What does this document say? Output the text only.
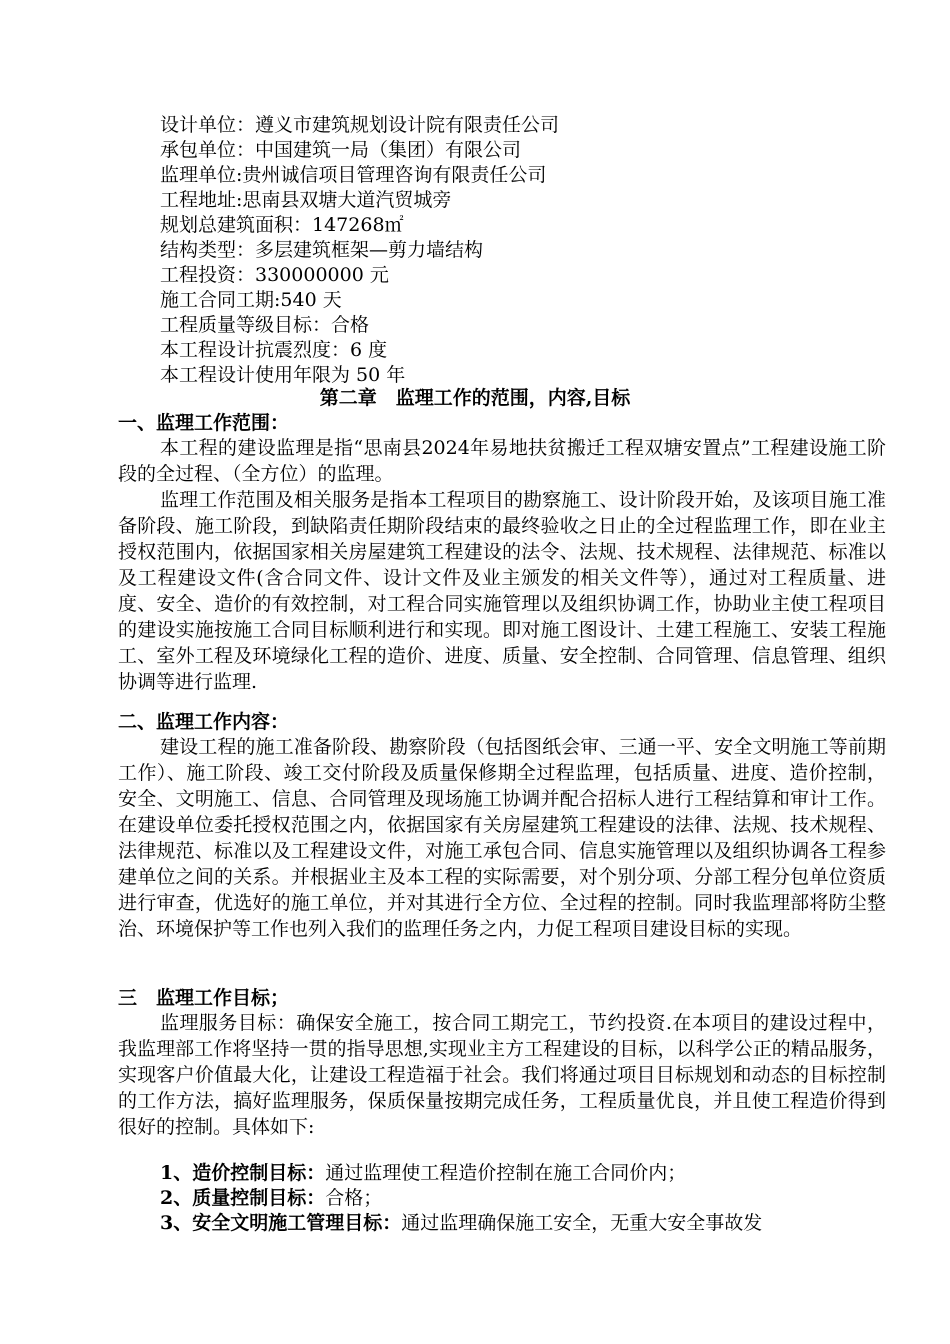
设计单位：遵义市建筑规划设计院有限责任公司
承包单位：中国建筑一局（集团）有限公司
监理单位:贵州诚信项目管理咨询有限责任公司
工程地址:思南县双塘大道汽贸城旁
规划总建筑面积：147268㎡
结构类型：多层建筑框架—剪力墙结构
工程投资：330000000 元
施工合同工期:540 天
工程质量等级目标：合格
本工程设计抗震烈度：6 度
本工程设计使用年限为 50 年
第二章　监理工作的范围，内容,目标
一、监理工作范围：

本工程的建设监理是指“思南县2024年易地扶贫搬迁工程双塘安置点”工程建设施工阶段的全过程、（全方位）的监理。

监理工作范围及相关服务是指本工程项目的勘察施工、设计阶段开始，及该项目施工准备阶段、施工阶段，到缺陷责任期阶段结束的最终验收之日止的全过程监理工作，即在业主授权范围内，依据国家相关房屋建筑工程建设的法令、法规、技术规程、法律规范、标准以及工程建设文件(含合同文件、设计文件及业主颁发的相关文件等），通过对工程质量、进度、安全、造价的有效控制，对工程合同实施管理以及组织协调工作，协助业主使工程项目的建设实施按施工合同目标顺利进行和实现。即对施工图设计、土建工程施工、安装工程施工、室外工程及环境绿化工程的造价、进度、质量、安全控制、合同管理、信息管理、组织协调等进行监理.

二、监理工作内容：

建设工程的施工准备阶段、勘察阶段（包括图纸会审、三通一平、安全文明施工等前期工作）、施工阶段、竣工交付阶段及质量保修期全过程监理，包括质量、进度、造价控制，安全、文明施工、信息、合同管理及现场施工协调并配合招标人进行工程结算和审计工作。在建设单位委托授权范围之内，依据国家有关房屋建筑工程建设的法律、法规、技术规程、法律规范、标准以及工程建设文件，对施工承包合同、信息实施管理以及组织协调各工程参建单位之间的关系。并根据业主及本工程的实际需要，对个别分项、分部工程分包单位资质进行审查，优选好的施工单位，并对其进行全方位、全过程的控制。同时我监理部将防尘整治、环境保护等工作也列入我们的监理任务之内，力促工程项目建设目标的实现。

三　监理工作目标；

监理服务目标：确保安全施工，按合同工期完工，节约投资.在本项目的建设过程中，我监理部工作将坚持一贯的指导思想,实现业主方工程建设的目标，以科学公正的精品服务，实现客户价值最大化，让建设工程造福于社会。我们将通过项目目标规划和动态的目标控制的工作方法，搞好监理服务，保质保量按期完成任务，工程质量优良，并且使工程造价得到很好的控制。具体如下:

1、造价控制目标：通过监理使工程造价控制在施工合同价内；
2、质量控制目标：合格；
3、安全文明施工管理目标：通过监理确保施工安全，无重大安全事故发
